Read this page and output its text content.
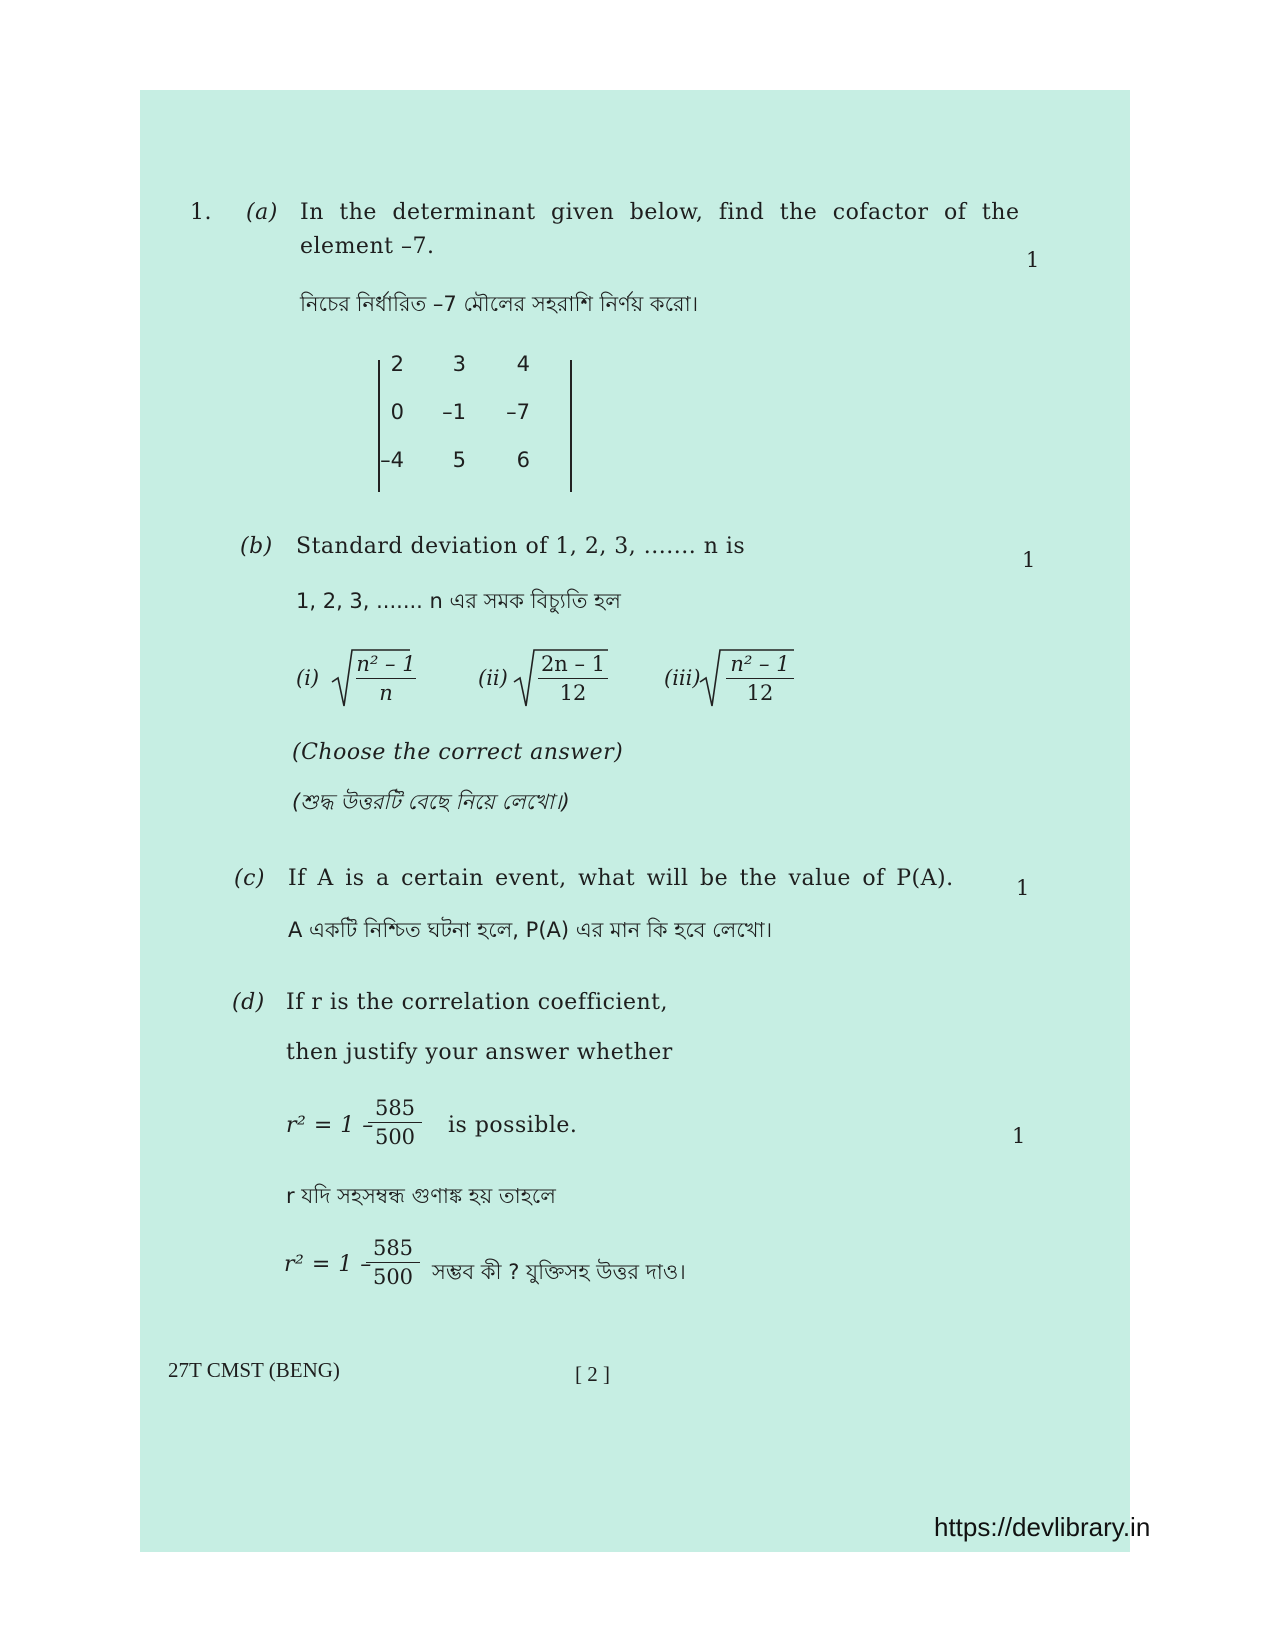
1. (a) In the determinant given below, find the cofactor of the
element –7.
1
নিচের নির্ধারিত –7 মৌলের সহরাশি নির্ণয় করো।
2	3	4
0	–1	–7
–4	5	6
(b) Standard deviation of 1, 2, 3, ....... n is
1
1, 2, 3, ....... n এর সমক বিচ্যুতি হল
$(i) \frac{\text{n² – 1}}{n}$	$(ii) \frac{2n - 1}{12}$	$(iii) \frac{\text{n² – 1}}{12}$
(Choose the correct answer)
(শুদ্ধ উত্তরটি বেছে নিয়ে লেখো।)
(c) If A is a certain event, what will be the value of P(A).	1
A একটি নিশ্চিত ঘটনা হলে, P(A) এর মান কি হবে লেখো।
(d) If r is the correlation coefficient,
then justify your answer whether
r² = 1 –
$\frac{585}{500}$ is possible.	1
r যদি সহসম্বন্ধ গুণাঙ্ক হয় তাহলে
r² = 1 –
$\frac{585}{500}$ সম্ভব কী ? যুক্তিসহ উত্তর দাও।
27T CMST (BENG)	[ 2 ]
https://devlibrary.in
